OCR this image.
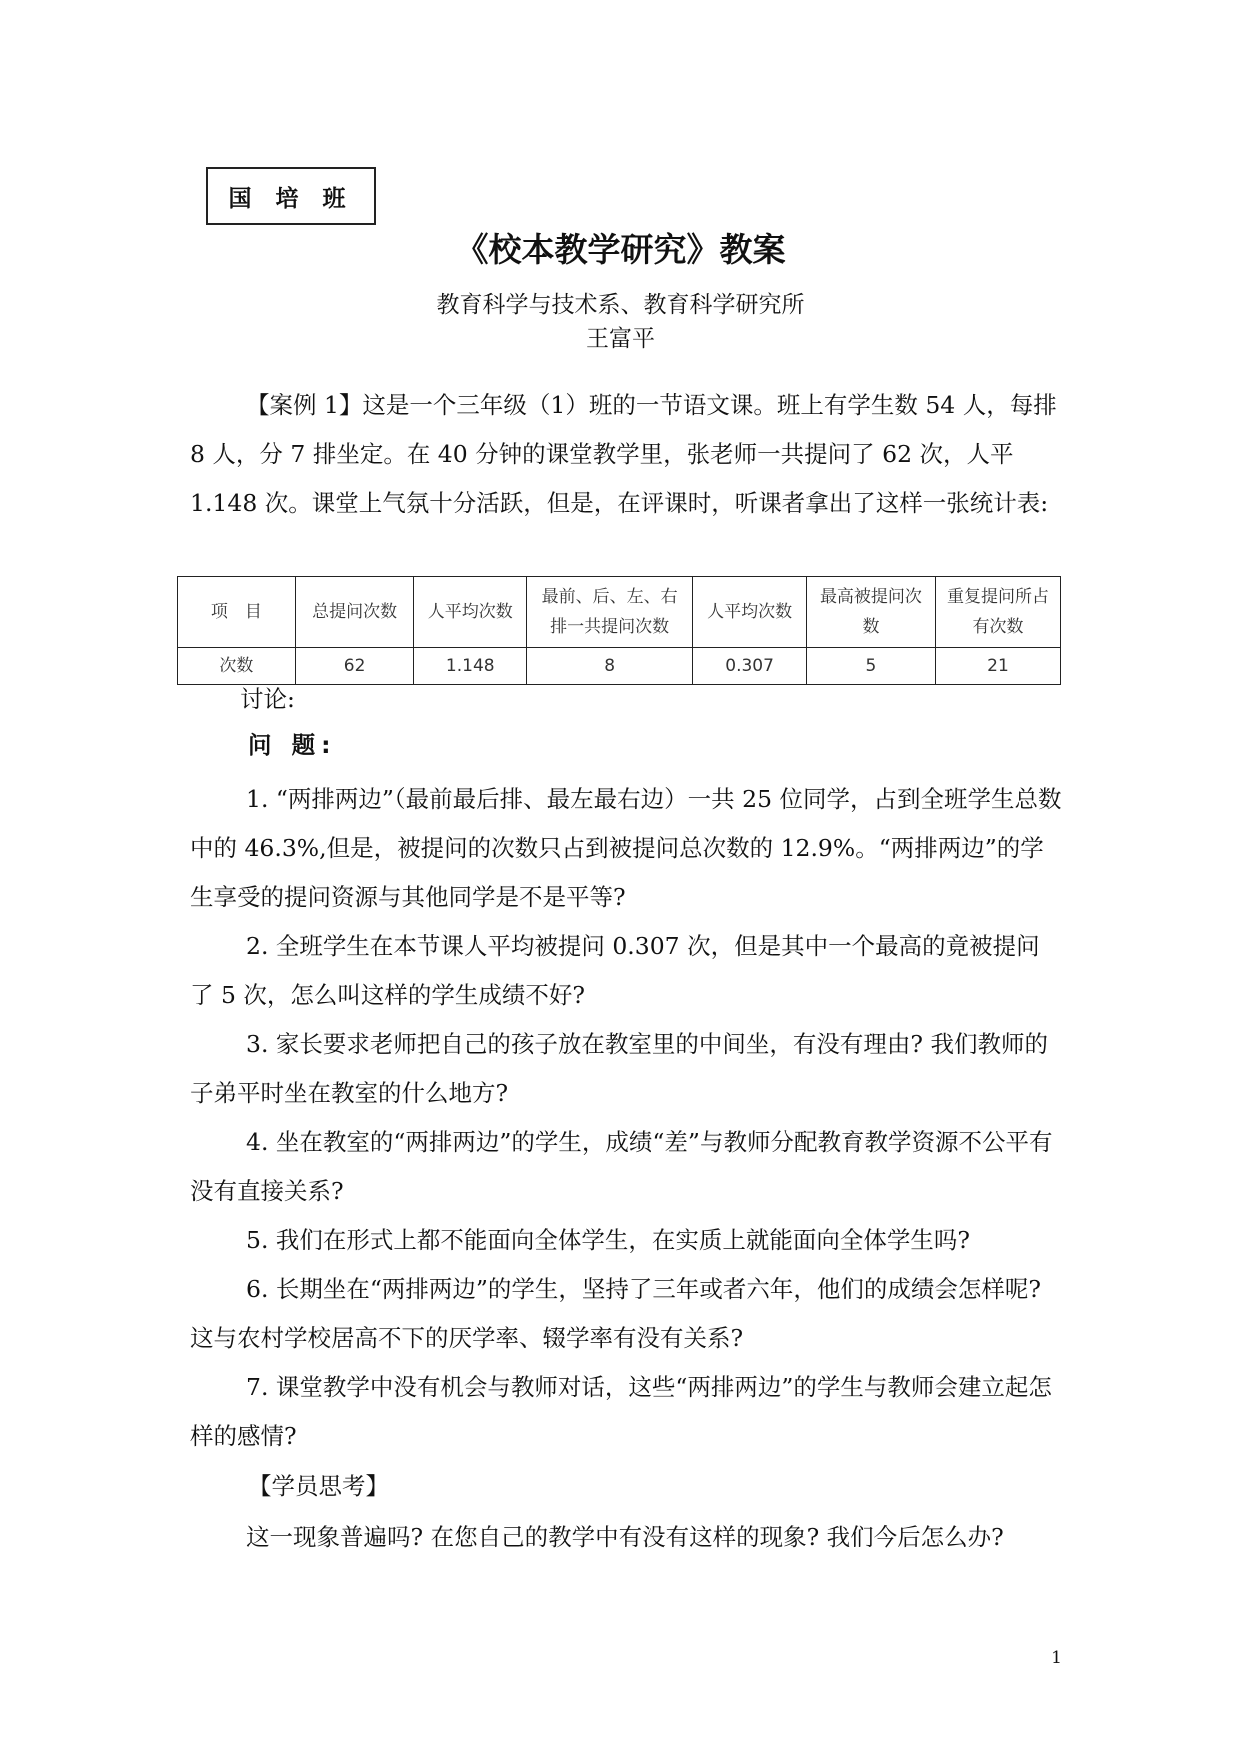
国 培 班
《校本教学研究》教案
教育科学与技术系、教育科学研究所
王富平
【案例 1】这是一个三年级（1）班的一节语文课。班上有学生数 54 人，每排 8 人，分 7 排坐定。在 40 分钟的课堂教学里，张老师一共提问了 62 次，人平 1.148 次。课堂上气氛十分活跃，但是，在评课时，听课者拿出了这样一张统计表:
项　目	总提问次数	人平均次数	最前、后、左、右排一共提问次数	人平均次数	最高被提问次数	重复提问所占有次数
次数	62	1.148	8	0.307	5	21
讨论:
问 题:
1. “两排两边”（最前最后排、最左最右边）一共 25 位同学，占到全班学生总数中的 46.3%,但是，被提问的次数只占到被提问总次数的 12.9%。“两排两边”的学生享受的提问资源与其他同学是不是平等?
2. 全班学生在本节课人平均被提问 0.307 次，但是其中一个最高的竟被提问了 5 次，怎么叫这样的学生成绩不好?
3. 家长要求老师把自己的孩子放在教室里的中间坐，有没有理由? 我们教师的子弟平时坐在教室的什么地方?
4. 坐在教室的“两排两边”的学生，成绩“差”与教师分配教育教学资源不公平有没有直接关系?
5. 我们在形式上都不能面向全体学生，在实质上就能面向全体学生吗?
6. 长期坐在“两排两边”的学生，坚持了三年或者六年，他们的成绩会怎样呢? 这与农村学校居高不下的厌学率、辍学率有没有关系?
7. 课堂教学中没有机会与教师对话，这些“两排两边”的学生与教师会建立起怎样的感情?
【学员思考】
这一现象普遍吗? 在您自己的教学中有没有这样的现象? 我们今后怎么办?
1
